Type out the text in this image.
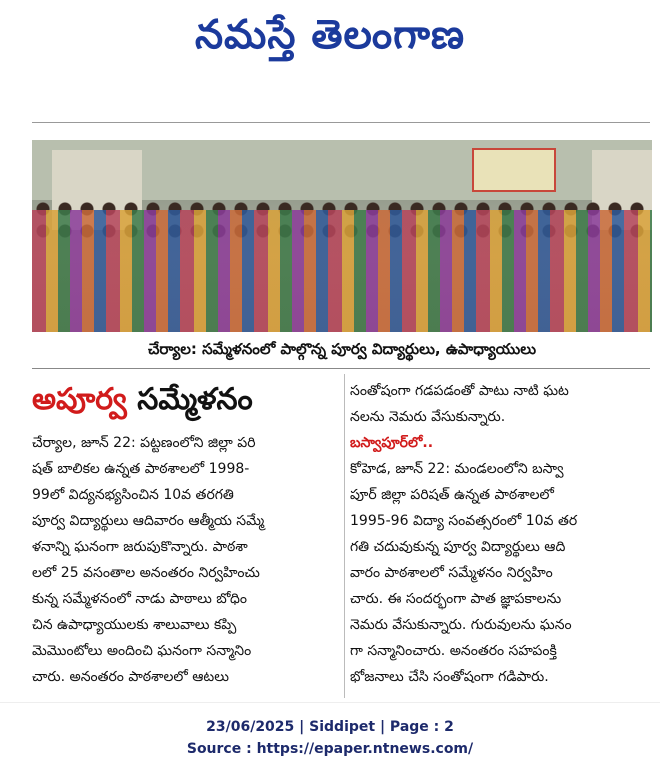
నమస్తే తెలంగాణ
చేర్యాల: సమ్మేళనంలో పాల్గొన్న పూర్వ విద్యార్థులు, ఉపాధ్యాయులు
అపూర్వ సమ్మేళనం
చేర్యాల, జూన్ 22: పట్టణంలోని జిల్లా పరి
షత్ బాలికల ఉన్నత పాఠశాలలో 1998-
99లో విద్యనభ్యసించిన 10వ తరగతి
పూర్వ విద్యార్థులు ఆదివారం ఆత్మీయ సమ్మే
ళనాన్ని ఘనంగా జరుపుకొన్నారు. పాఠశా
లలో 25 వసంతాల అనంతరం నిర్వహించు
కున్న సమ్మేళనంలో నాడు పాఠాలు బోధిం
చిన ఉపాధ్యాయులకు శాలువాలు కప్పి
మెమొంటోలు అందించి ఘనంగా సన్మానిం
చారు. అనంతరం పాఠశాలలో ఆటలు
సంతోషంగా గడపడంతో పాటు నాటి ఘట
నలను నెమరు వేసుకున్నారు.
బస్వాపూర్‌లో..
కోహెడ, జూన్ 22: మండలంలోని బస్వా
పూర్ జిల్లా పరిషత్ ఉన్నత పాఠశాలలో
1995-96 విద్యా సంవత్సరంలో 10వ తర
గతి చదువుకున్న పూర్వ విద్యార్థులు ఆది
వారం పాఠశాలలో సమ్మేళనం నిర్వహిం
చారు. ఈ సందర్భంగా పాత జ్ఞాపకాలను
నెమరు వేసుకున్నారు. గురువులను ఘనం
గా సన్మానించారు. అనంతరం సహపంక్తి
భోజనాలు చేసి సంతోషంగా గడిపారు.
23/06/2025 | Siddipet | Page : 2
Source : https://epaper.ntnews.com/
